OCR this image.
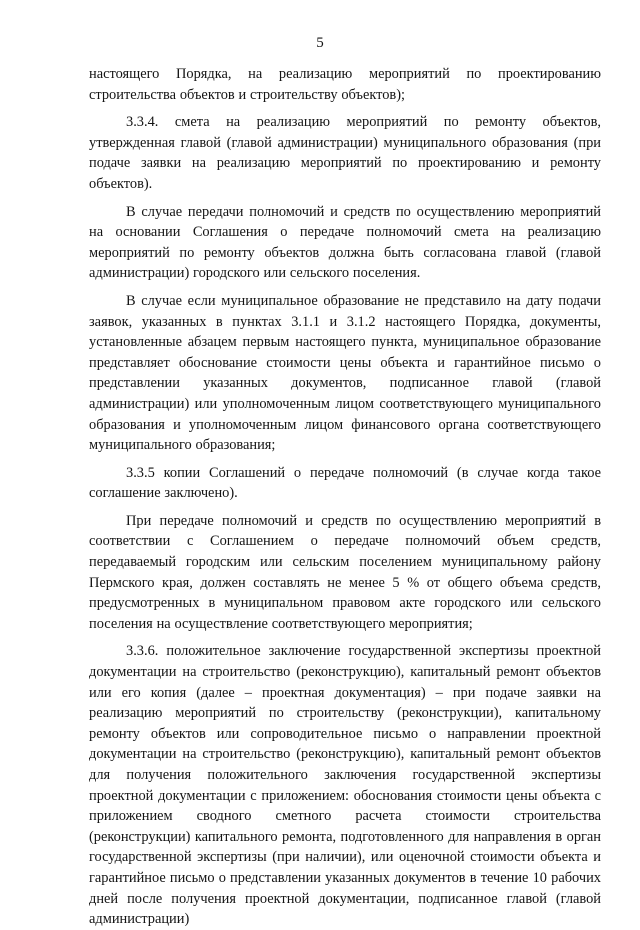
5

настоящего Порядка, на реализацию мероприятий по проектированию строительства объектов и строительству объектов);

3.3.4. смета на реализацию мероприятий по ремонту объектов, утвержденная главой (главой администрации) муниципального образования (при подаче заявки на реализацию мероприятий по проектированию и ремонту объектов).

В случае передачи полномочий и средств по осуществлению мероприятий на основании Соглашения о передаче полномочий смета на реализацию мероприятий по ремонту объектов должна быть согласована главой (главой администрации) городского или сельского поселения.

В случае если муниципальное образование не представило на дату подачи заявок, указанных в пунктах 3.1.1 и 3.1.2 настоящего Порядка, документы, установленные абзацем первым настоящего пункта, муниципальное образование представляет обоснование стоимости цены объекта и гарантийное письмо о представлении указанных документов, подписанное главой (главой администрации) или уполномоченным лицом соответствующего муниципального образования и уполномоченным лицом финансового органа соответствующего муниципального образования;

3.3.5 копии Соглашений о передаче полномочий (в случае когда такое соглашение заключено).

При передаче полномочий и средств по осуществлению мероприятий в соответствии с Соглашением о передаче полномочий объем средств, передаваемый городским или сельским поселением муниципальному району Пермского края, должен составлять не менее 5 % от общего объема средств, предусмотренных в муниципальном правовом акте городского или сельского поселения на осуществление соответствующего мероприятия;

3.3.6. положительное заключение государственной экспертизы проектной документации на строительство (реконструкцию), капитальный ремонт объектов или его копия (далее – проектная документация) – при подаче заявки на реализацию мероприятий по строительству (реконструкции), капитальному ремонту объектов или сопроводительное письмо о направлении проектной документации на строительство (реконструкцию), капитальный ремонт объектов для получения положительного заключения государственной экспертизы проектной документации с приложением: обоснования стоимости цены объекта с приложением сводного сметного расчета стоимости строительства (реконструкции) капитального ремонта, подготовленного для направления в орган государственной экспертизы (при наличии), или оценочной стоимости объекта и гарантийное письмо о представлении указанных документов в течение 10 рабочих дней после получения проектной документации, подписанное главой (главой администрации)
